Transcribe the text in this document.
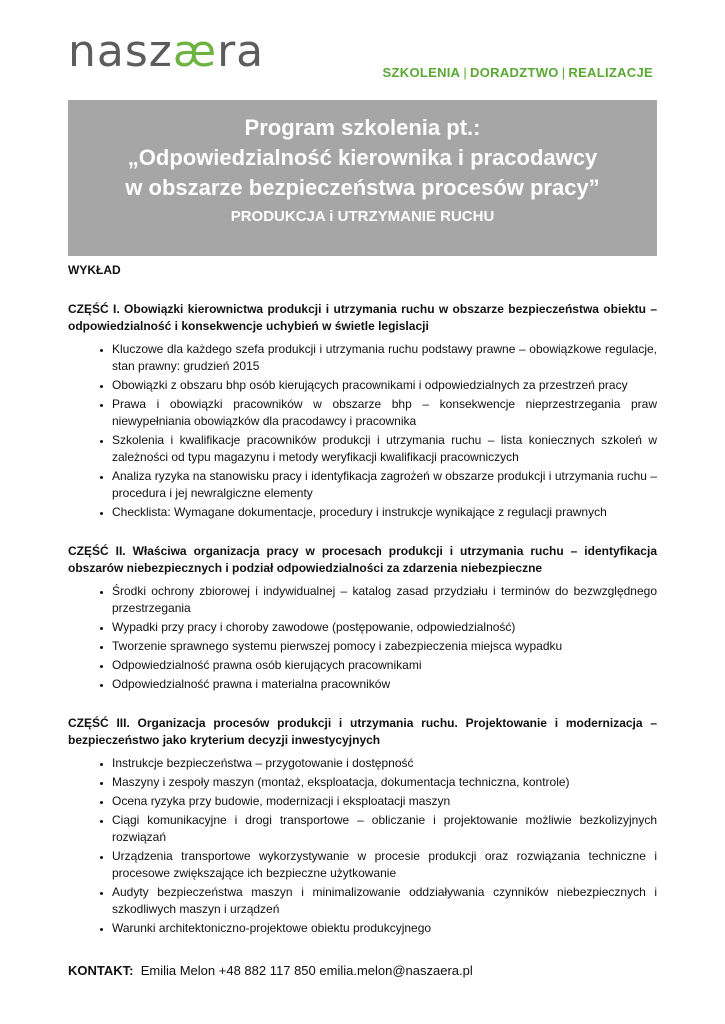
naszæra	SZKOLENIA | DORADZTWO | REALIZACJE
Program szkolenia pt.:
„Odpowiedzialność kierownika i pracodawcy
w obszarze bezpieczeństwa procesów pracy”
PRODUKCJA i UTRZYMANIE RUCHU
WYKŁAD
CZĘŚĆ I. Obowiązki kierownictwa produkcji i utrzymania ruchu w obszarze bezpieczeństwa obiektu – odpowiedzialność i konsekwencje uchybień w świetle legislacji
• Kluczowe dla każdego szefa produkcji i utrzymania ruchu podstawy prawne – obowiązkowe regulacje, stan prawny: grudzień 2015
• Obowiązki z obszaru bhp osób kierujących pracownikami i odpowiedzialnych za przestrzeń pracy
• Prawa i obowiązki pracowników w obszarze bhp – konsekwencje nieprzestrzegania praw niewypełniania obowiązków dla pracodawcy i pracownika
• Szkolenia i kwalifikacje pracowników produkcji i utrzymania ruchu – lista koniecznych szkoleń w zależności od typu magazynu i metody weryfikacji kwalifikacji pracowniczych
• Analiza ryzyka na stanowisku pracy i identyfikacja zagrożeń w obszarze produkcji i utrzymania ruchu – procedura i jej newralgiczne elementy
• Checklista: Wymagane dokumentacje, procedury i instrukcje wynikające z regulacji prawnych
CZĘŚĆ II. Właściwa organizacja pracy w procesach produkcji i utrzymania ruchu – identyfikacja obszarów niebezpiecznych i podział odpowiedzialności za zdarzenia niebezpieczne
• Środki ochrony zbiorowej i indywidualnej – katalog zasad przydziału i terminów do bezwzględnego przestrzegania
• Wypadki przy pracy i choroby zawodowe (postępowanie, odpowiedzialność)
• Tworzenie sprawnego systemu pierwszej pomocy i zabezpieczenia miejsca wypadku
• Odpowiedzialność prawna osób kierujących pracownikami
• Odpowiedzialność prawna i materialna pracowników
CZĘŚĆ III. Organizacja procesów produkcji i utrzymania ruchu. Projektowanie i modernizacja – bezpieczeństwo jako kryterium decyzji inwestycyjnych
• Instrukcje bezpieczeństwa – przygotowanie i dostępność
• Maszyny i zespoły maszyn (montaż, eksploatacja, dokumentacja techniczna, kontrole)
• Ocena ryzyka przy budowie, modernizacji i eksploatacji maszyn
• Ciągi komunikacyjne i drogi transportowe – obliczanie i projektowanie możliwie bezkolizyjnych rozwiązań
• Urządzenia transportowe wykorzystywanie w procesie produkcji oraz rozwiązania techniczne i procesowe zwiększające ich bezpieczne użytkowanie
• Audyty bezpieczeństwa maszyn i minimalizowanie oddziaływania czynników niebezpiecznych i szkodliwych maszyn i urządzeń
• Warunki architektoniczno-projektowe obiektu produkcyjnego
KONTAKT: Emilia Melon +48 882 117 850 emilia.melon@naszaera.pl
